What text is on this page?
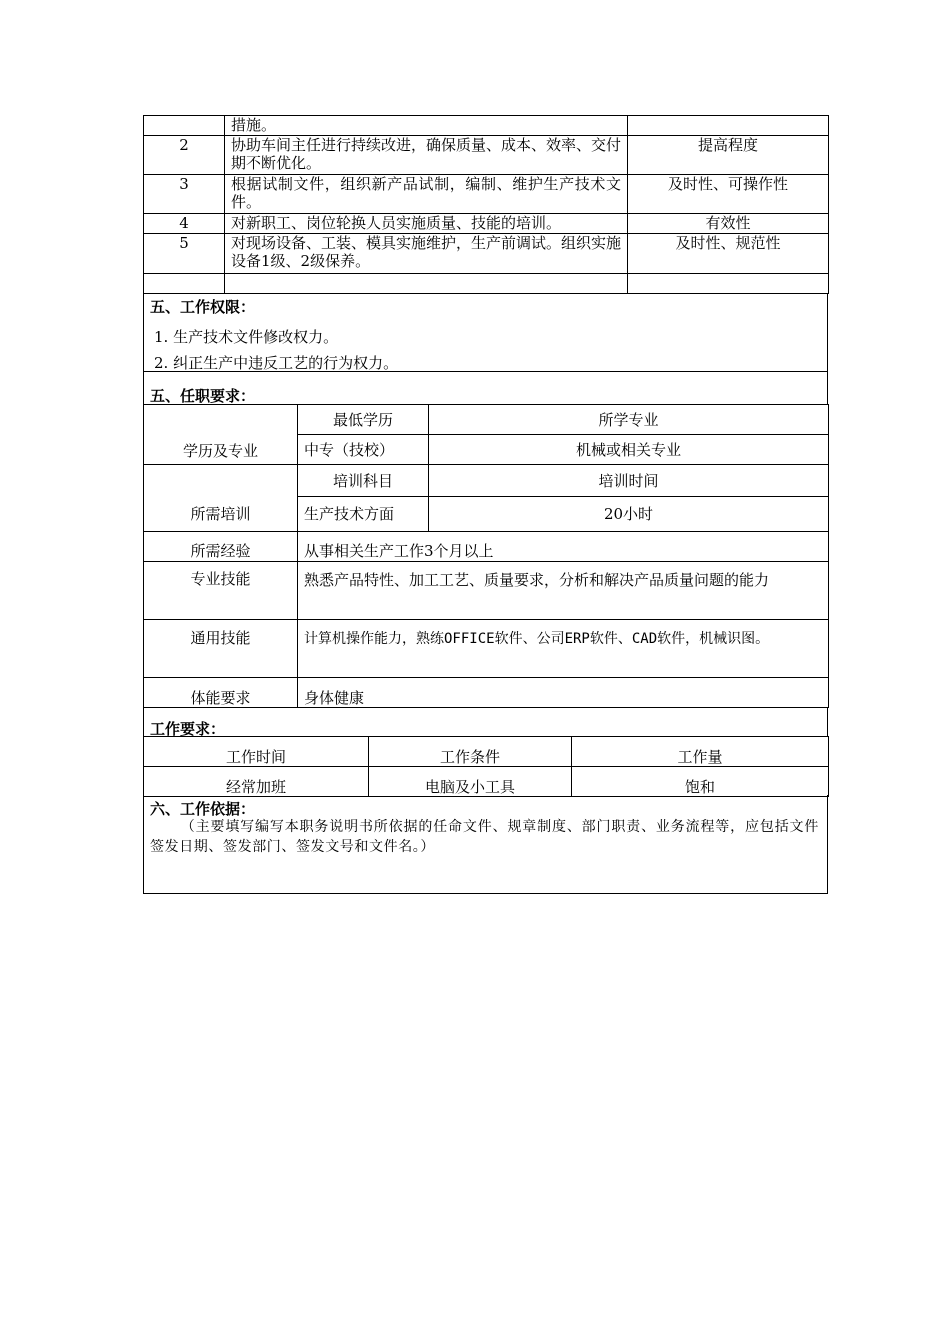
	措施。	
2	协助车间主任进行持续改进，确保质量、成本、效率、交付期不断优化。	提高程度
3	根据试制文件，组织新产品试制，编制、维护生产技术文件。	及时性、可操作性
4	对新职工、岗位轮换人员实施质量、技能的培训。	有效性
5	对现场设备、工装、模具实施维护，生产前调试。组织实施设备1级、2级保养。	及时性、规范性

五、工作权限：
1. 生产技术文件修改权力。
2. 纠正生产中违反工艺的行为权力。
五、任职要求：
学历及专业	最低学历	所学专业
	中专（技校）	机械或相关专业
所需培训	培训科目	培训时间
	生产技术方面	20小时
所需经验	从事相关生产工作3个月以上	
专业技能	熟悉产品特性、加工工艺、质量要求，分析和解决产品质量问题的能力	
通用技能	计算机操作能力，熟练OFFICE软件、公司ERP软件、CAD软件，机械识图。	
体能要求	身体健康	
工作要求：
工作时间	工作条件	工作量
经常加班	电脑及小工具	饱和
六、工作依据：
（主要填写编写本职务说明书所依据的任命文件、规章制度、部门职责、业务流程等，应包括文件签发日期、签发部门、签发文号和文件名。）
